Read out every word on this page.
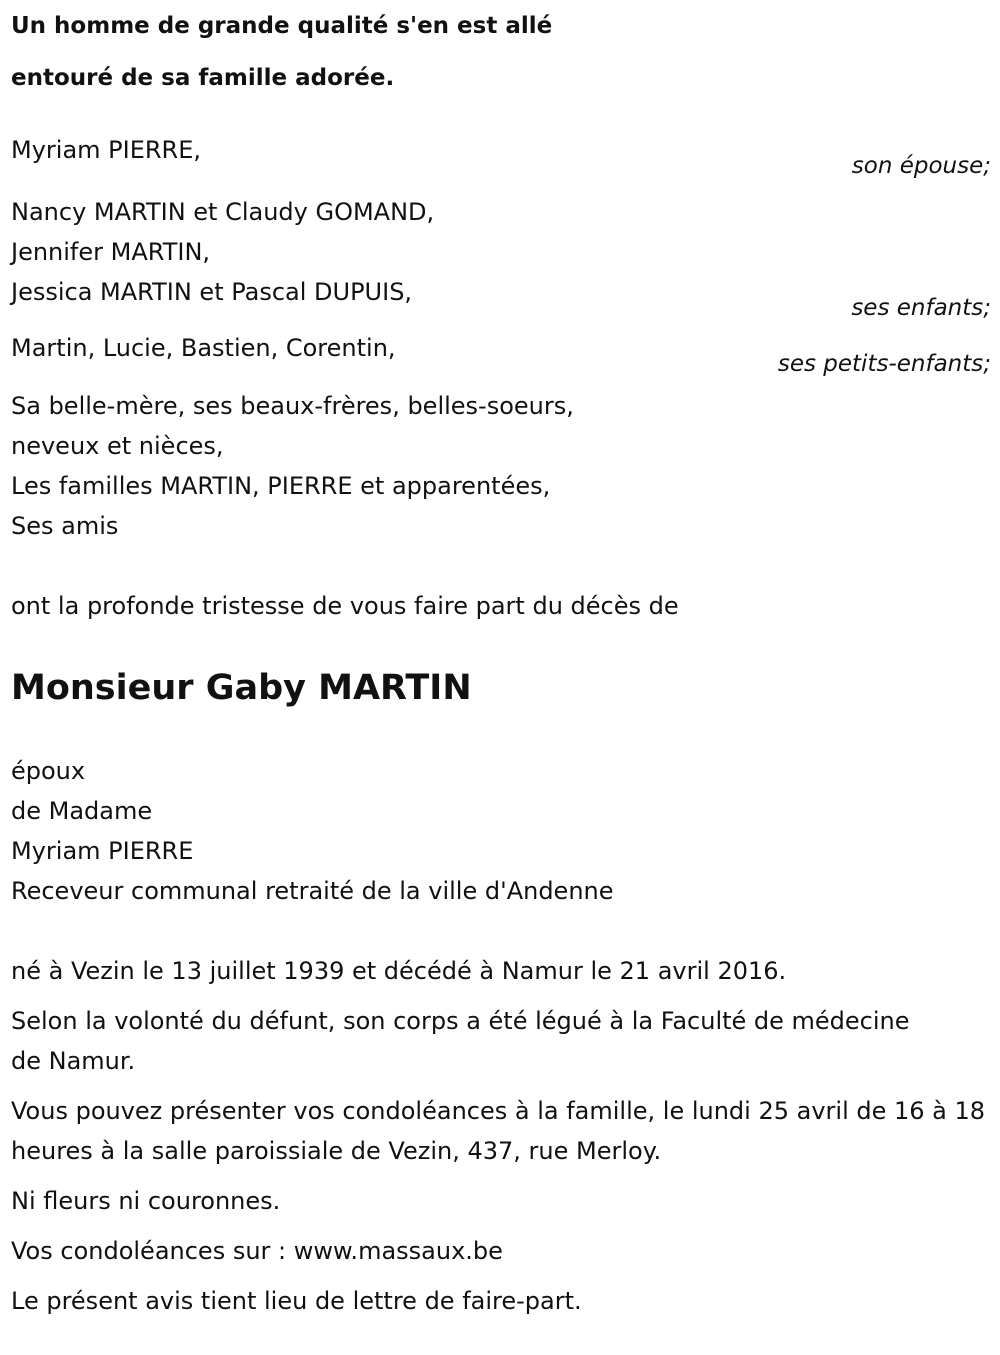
Un homme de grande qualité s'en est allé
entouré de sa famille adorée.
Myriam PIERRE,
son épouse;
Nancy MARTIN et Claudy GOMAND,
Jennifer MARTIN,
Jessica MARTIN et Pascal DUPUIS,
ses enfants;
Martin, Lucie, Bastien, Corentin,
ses petits-enfants;
Sa belle-mère, ses beaux-frères, belles-soeurs,
neveux et nièces,
Les familles MARTIN, PIERRE et apparentées,
Ses amis
ont la profonde tristesse de vous faire part du décès de
Monsieur Gaby MARTIN
époux
de Madame
Myriam PIERRE
Receveur communal retraité de la ville d'Andenne
né à Vezin le 13 juillet 1939 et décédé à Namur le 21 avril 2016.
Selon la volonté du défunt, son corps a été légué à la Faculté de médecine de Namur.
Vous pouvez présenter vos condoléances à la famille, le lundi 25 avril de 16 à 18 heures à la salle paroissiale de Vezin, 437, rue Merloy.
Ni fleurs ni couronnes.
Vos condoléances sur : www.massaux.be
Le présent avis tient lieu de lettre de faire-part.
